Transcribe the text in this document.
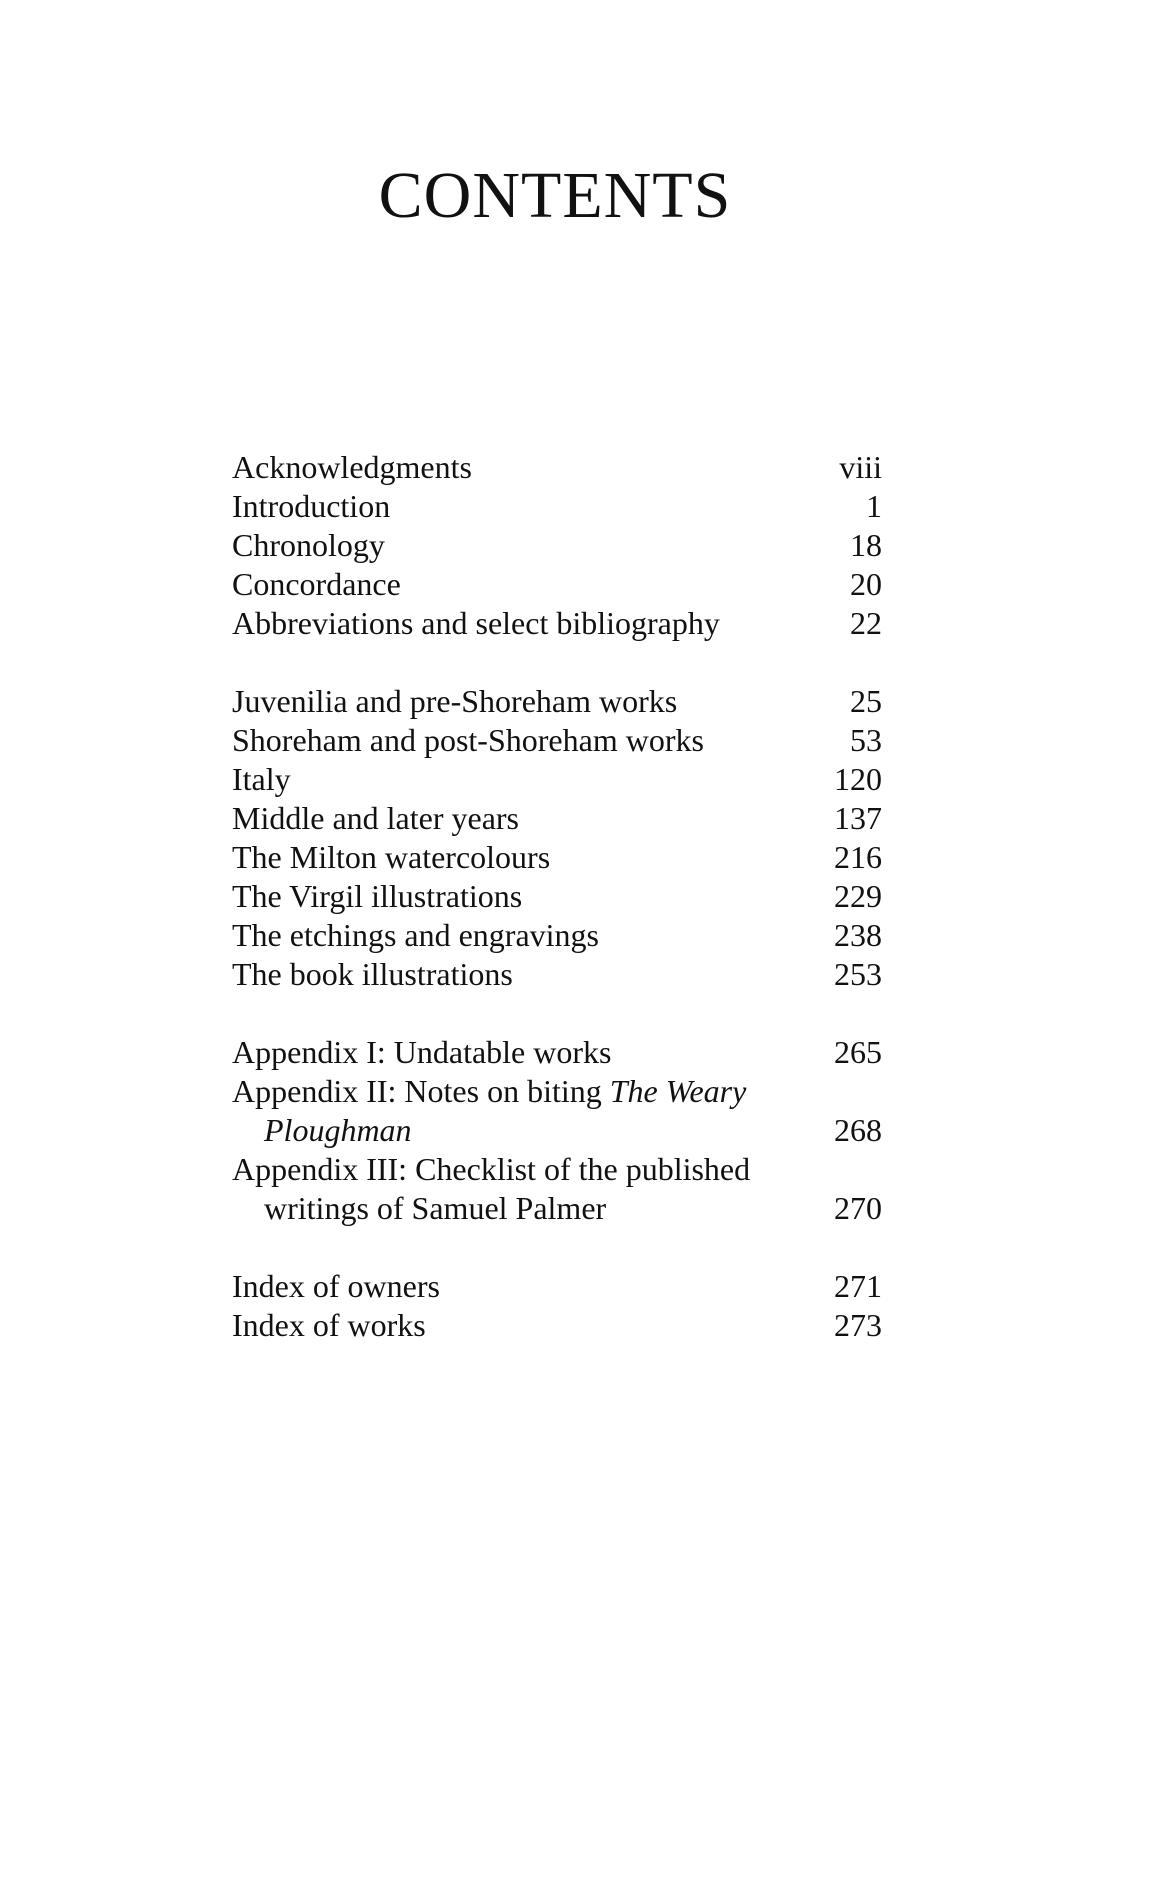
CONTENTS
Acknowledgments	viii
Introduction	1
Chronology	18
Concordance	20
Abbreviations and select bibliography	22
Juvenilia and pre-Shoreham works	25
Shoreham and post-Shoreham works	53
Italy	120
Middle and later years	137
The Milton watercolours	216
The Virgil illustrations	229
The etchings and engravings	238
The book illustrations	253
Appendix I: Undatable works	265
Appendix II: Notes on biting The Weary
Ploughman	268
Appendix III: Checklist of the published
writings of Samuel Palmer	270
Index of owners	271
Index of works	273
